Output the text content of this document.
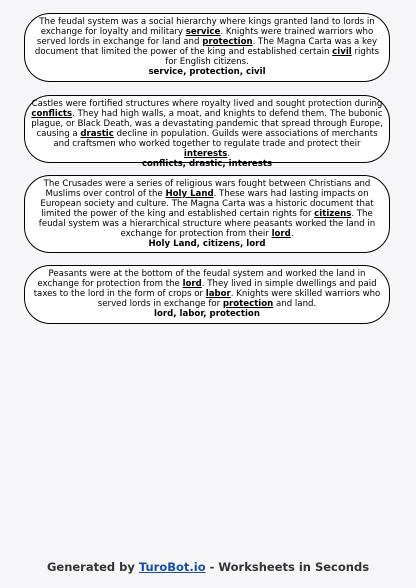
The feudal system was a social hierarchy where kings granted land to lords in exchange for loyalty and military service. Knights were trained warriors who served lords in exchange for land and protection. The Magna Carta was a key document that limited the power of the king and established certain civil rights for English citizens.
service, protection, civil
Castles were fortified structures where royalty lived and sought protection during conflicts. They had high walls, a moat, and knights to defend them. The bubonic plague, or Black Death, was a devastating pandemic that spread through Europe, causing a drastic decline in population. Guilds were associations of merchants and craftsmen who worked together to regulate trade and protect their interests.
conflicts, drastic, interests
The Crusades were a series of religious wars fought between Christians and Muslims over control of the Holy Land. These wars had lasting impacts on European society and culture. The Magna Carta was a historic document that limited the power of the king and established certain rights for citizens. The feudal system was a hierarchical structure where peasants worked the land in exchange for protection from their lord.
Holy Land, citizens, lord
Peasants were at the bottom of the feudal system and worked the land in exchange for protection from the lord. They lived in simple dwellings and paid taxes to the lord in the form of crops or labor. Knights were skilled warriors who served lords in exchange for protection and land.
lord, labor, protection
Generated by TuroBot.io - Worksheets in Seconds
